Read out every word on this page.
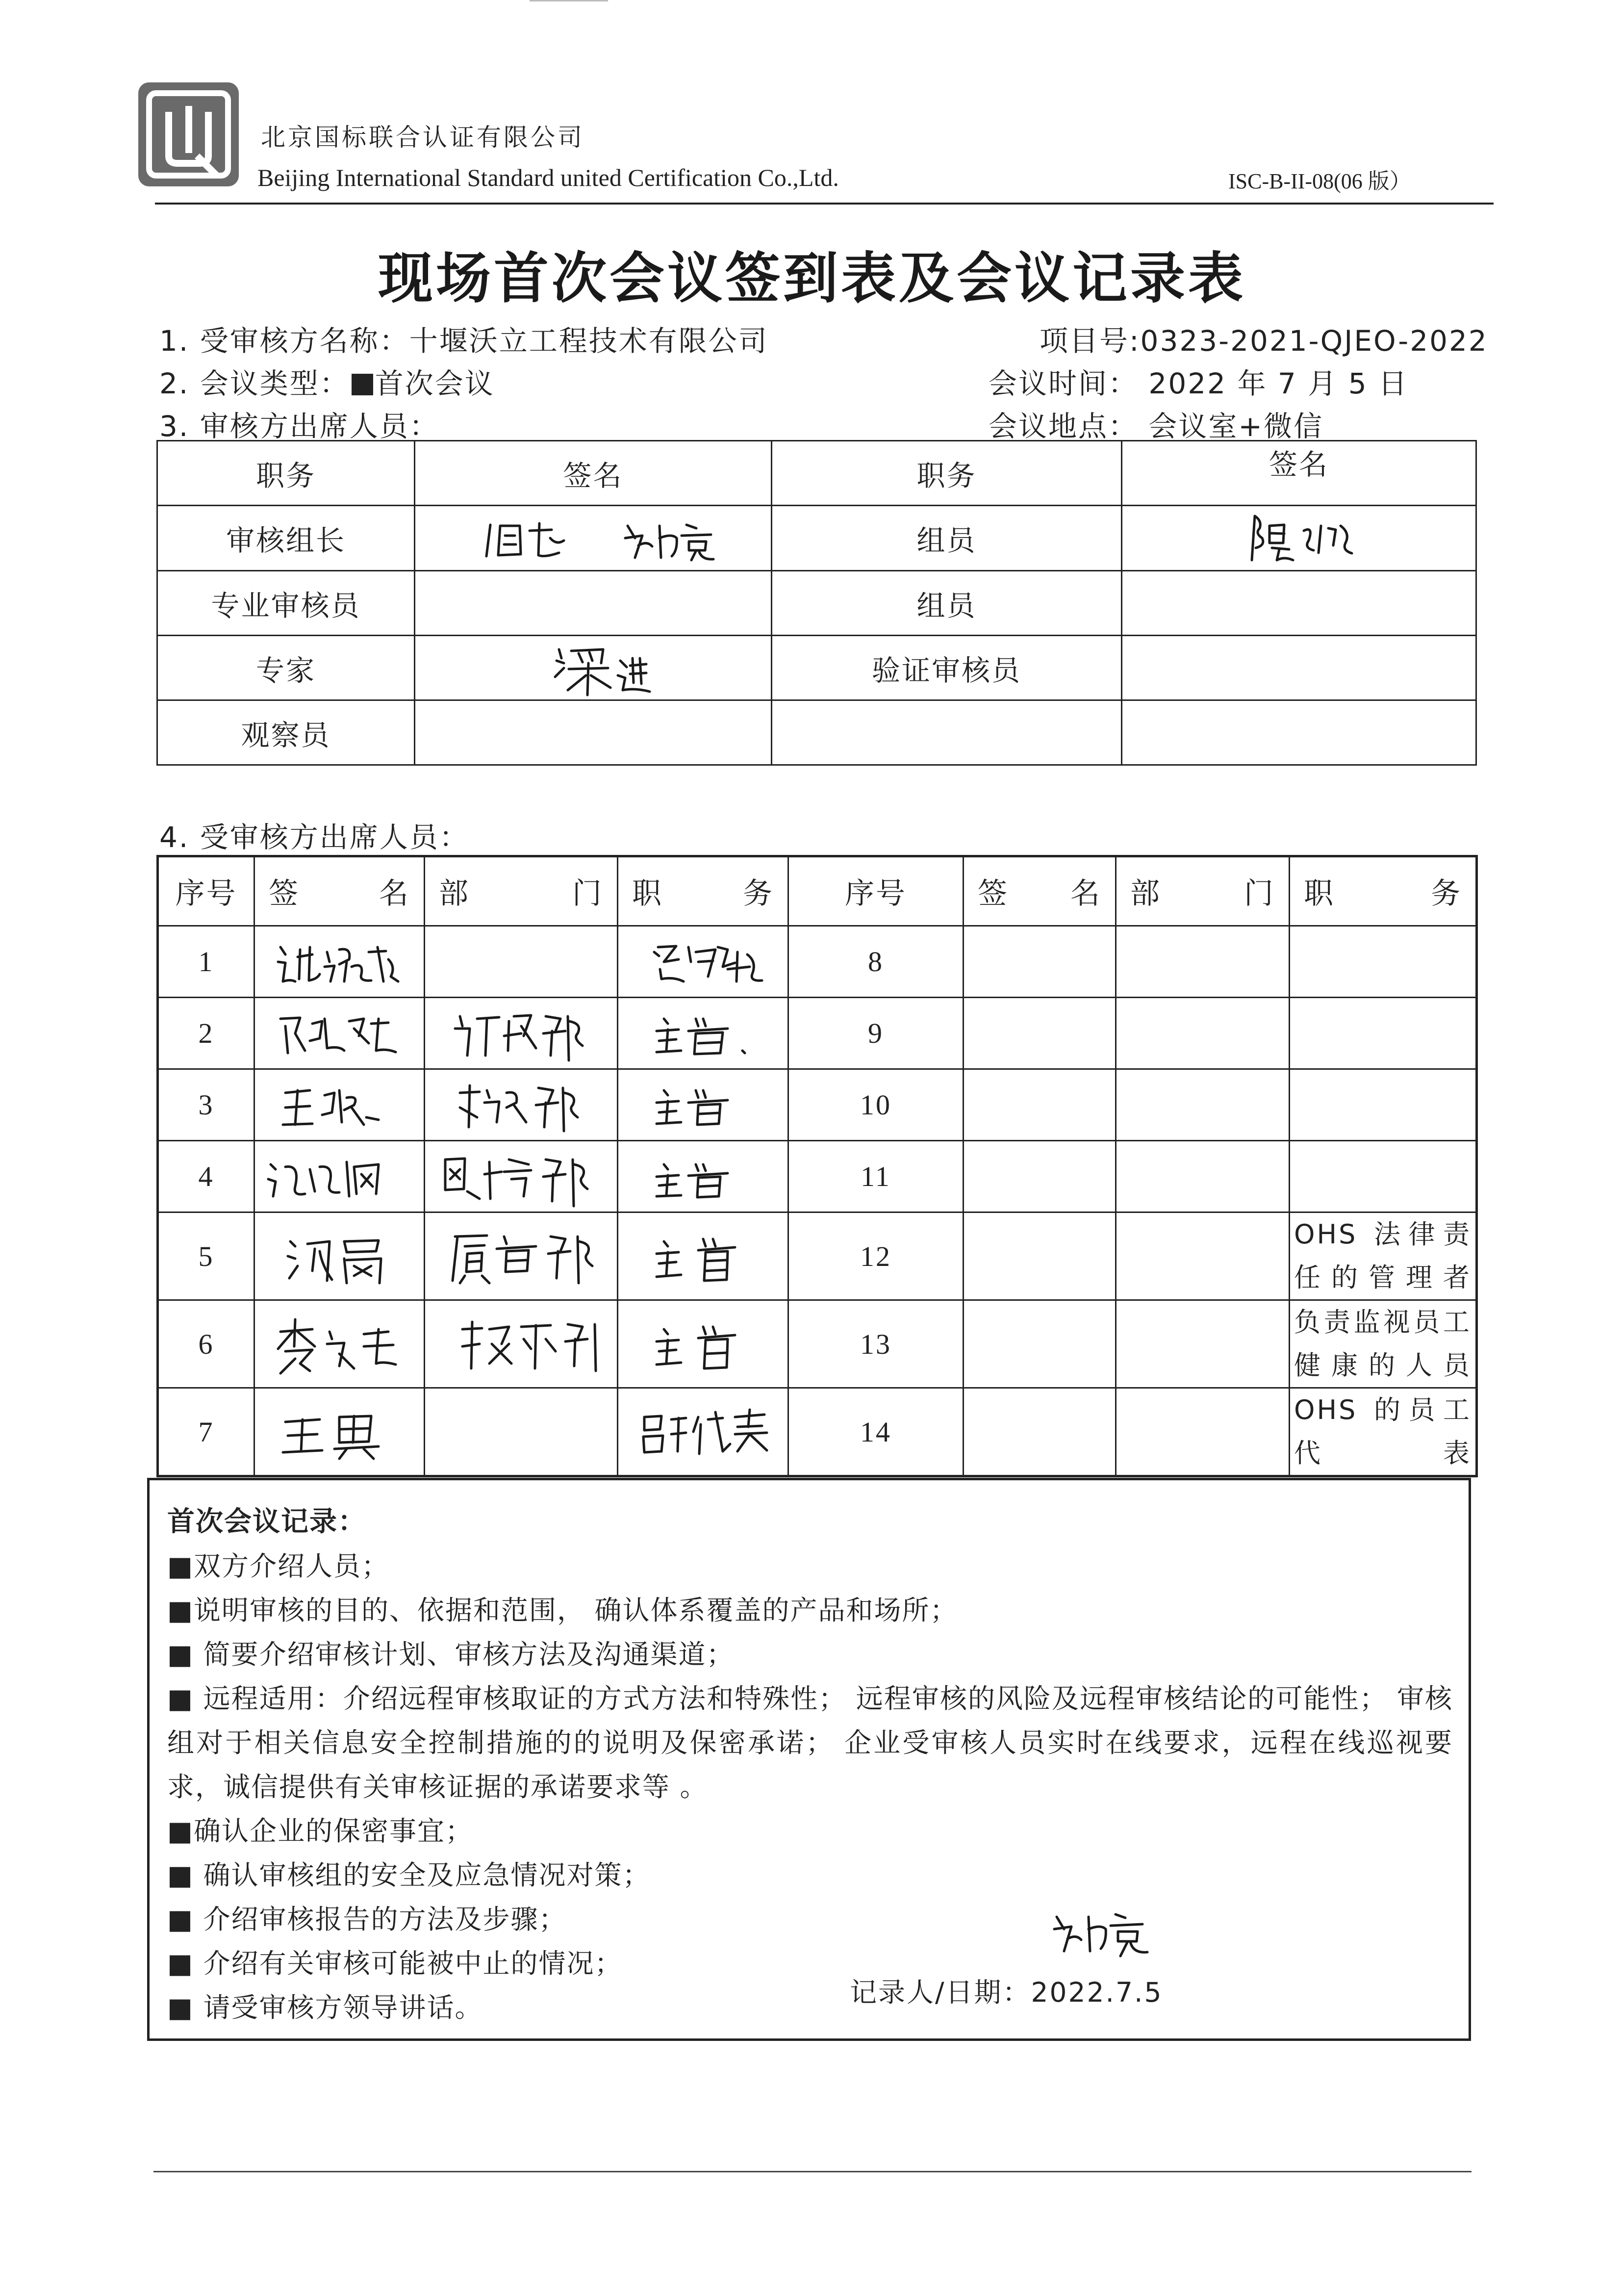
北京国标联合认证有限公司
Beijing International Standard united Certification Co.,Ltd.	ISC-B-II-08(06 版）
现场首次会议签到表及会议记录表
1. 受审核方名称：十堰沃立工程技术有限公司	项目号:0323-2021-QJEO-2022
2. 会议类型： 首次会议	会议时间： 2022 年 7 月 5 日
3. 审核方出席人员：	会议地点： 会议室+微信
职务	签名	职务	签名
审核组长		组员	

专业审核员		组员	
专家		验证审核员	
观察员			
4. 受审核方出席人员：
序号	签 名	部 门	职 务	序号	签 名	部 门	职 务

1				8			
2				9			
3				10			
4				11			
5				12			OHS 法律责任的管理者
6				13			负责监视员工健康的人员
7				14			OHS 的员工代表
首次会议记录：
■双方介绍人员；
■说明审核的目的、依据和范围， 确认体系覆盖的产品和场所；
■ 简要介绍审核计划、审核方法及沟通渠道；
■ 远程适用：介绍远程审核取证的方式方法和特殊性； 远程审核的风险及远程审核结论的可能性； 审核组对于相关信息安全控制措施的的说明及保密承诺； 企业受审核人员实时在线要求，远程在线巡视要求，诚信提供有关审核证据的承诺要求等 。
■确认企业的保密事宜；
■ 确认审核组的安全及应急情况对策；
■ 介绍审核报告的方法及步骤；
■ 介绍有关审核可能被中止的情况；
■ 请受审核方领导讲话。	记录人/日期：2022.7.5
